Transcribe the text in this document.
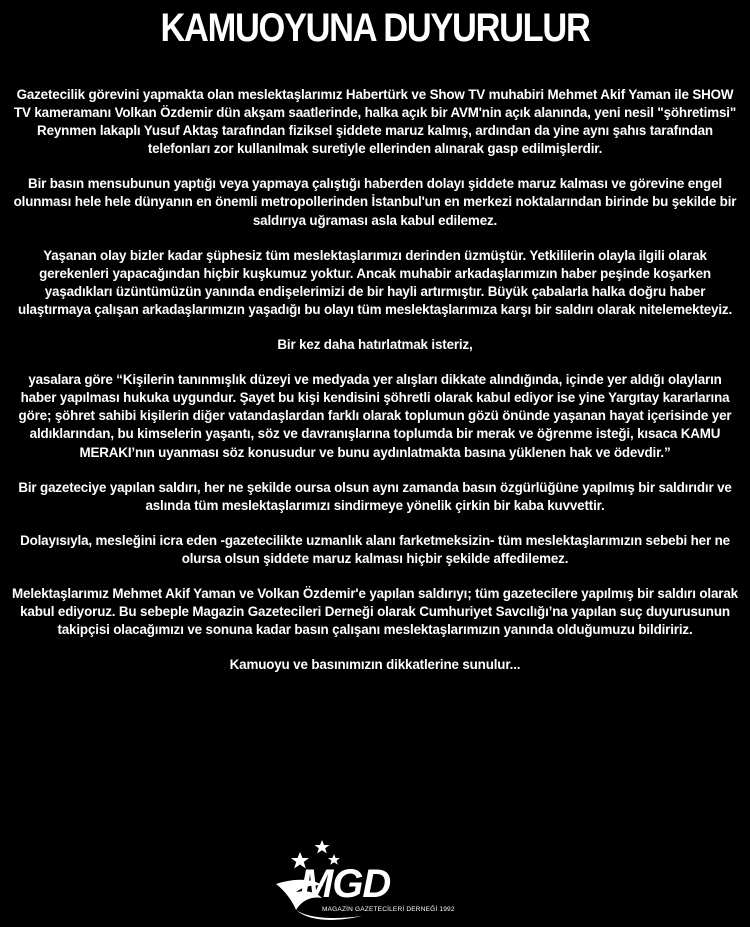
KAMUOYUNA DUYURULUR

Gazetecilik görevini yapmakta olan meslektaşlarımız Habertürk ve Show TV muhabiri Mehmet Akif Yaman ile SHOW TV kameramanı Volkan Özdemir dün akşam saatlerinde, halka açık bir AVM'nin açık alanında, yeni nesil "şöhretimsi" Reynmen lakaplı Yusuf Aktaş tarafından fiziksel şiddete maruz kalmış, ardından da yine aynı şahıs tarafından telefonları zor kullanılmak suretiyle ellerinden alınarak gasp edilmişlerdir.

Bir basın mensubunun yaptığı veya yapmaya çalıştığı haberden dolayı şiddete maruz kalması ve görevine engel olunması hele hele dünyanın en önemli metropollerinden İstanbul'un en merkezi noktalarından birinde bu şekilde bir saldırıya uğraması asla kabul edilemez.

Yaşanan olay bizler kadar şüphesiz tüm meslektaşlarımızı derinden üzmüştür. Yetkililerin olayla ilgili olarak gerekenleri yapacağından hiçbir kuşkumuz yoktur. Ancak muhabir arkadaşlarımızın haber peşinde koşarken yaşadıkları üzüntümüzün yanında endişelerimizi de bir hayli artırmıştır. Büyük çabalarla halka doğru haber ulaştırmaya çalışan arkadaşlarımızın yaşadığı bu olayı tüm meslektaşlarımıza karşı bir saldırı olarak nitelemekteyiz.

Bir kez daha hatırlatmak isteriz,

yasalara göre “Kişilerin tanınmışlık düzeyi ve medyada yer alışları dikkate alındığında, içinde yer aldığı olayların haber yapılması hukuka uygundur. Şayet bu kişi kendisini şöhretli olarak kabul ediyor ise yine Yargıtay kararlarına göre; şöhret sahibi kişilerin diğer vatandaşlardan farklı olarak toplumun gözü önünde yaşanan hayat içerisinde yer aldıklarından, bu kimselerin yaşantı, söz ve davranışlarına toplumda bir merak ve öğrenme isteği, kısaca KAMU MERAKI’nın uyanması söz konusudur ve bunu aydınlatmakta basına yüklenen hak ve ödevdir.”

Bir gazeteciye yapılan saldırı, her ne şekilde oursa olsun aynı zamanda basın özgürlüğüne yapılmış bir saldırıdır ve aslında tüm meslektaşlarımızı sindirmeye yönelik çirkin bir kaba kuvvettir.

Dolayısıyla, mesleğini icra eden -gazetecilikte uzmanlık alanı farketmeksizin- tüm meslektaşlarımızın sebebi her ne olursa olsun şiddete maruz kalması hiçbir şekilde affedilemez.

Melektaşlarımız Mehmet Akif Yaman ve Volkan Özdemir'e yapılan saldırıyı; tüm gazetecilere yapılmış bir saldırı olarak kabul ediyoruz. Bu sebeple Magazin Gazetecileri Derneği olarak Cumhuriyet Savcılığı’na yapılan suç duyurusunun takipçisi olacağımızı ve sonuna kadar basın çalışanı meslektaşlarımızın yanında olduğumuzu bildiririz.

Kamuoyu ve basınımızın dikkatlerine sunulur...

MGD
MAGAZİN GAZETECİLERİ DERNEĞİ 1992
